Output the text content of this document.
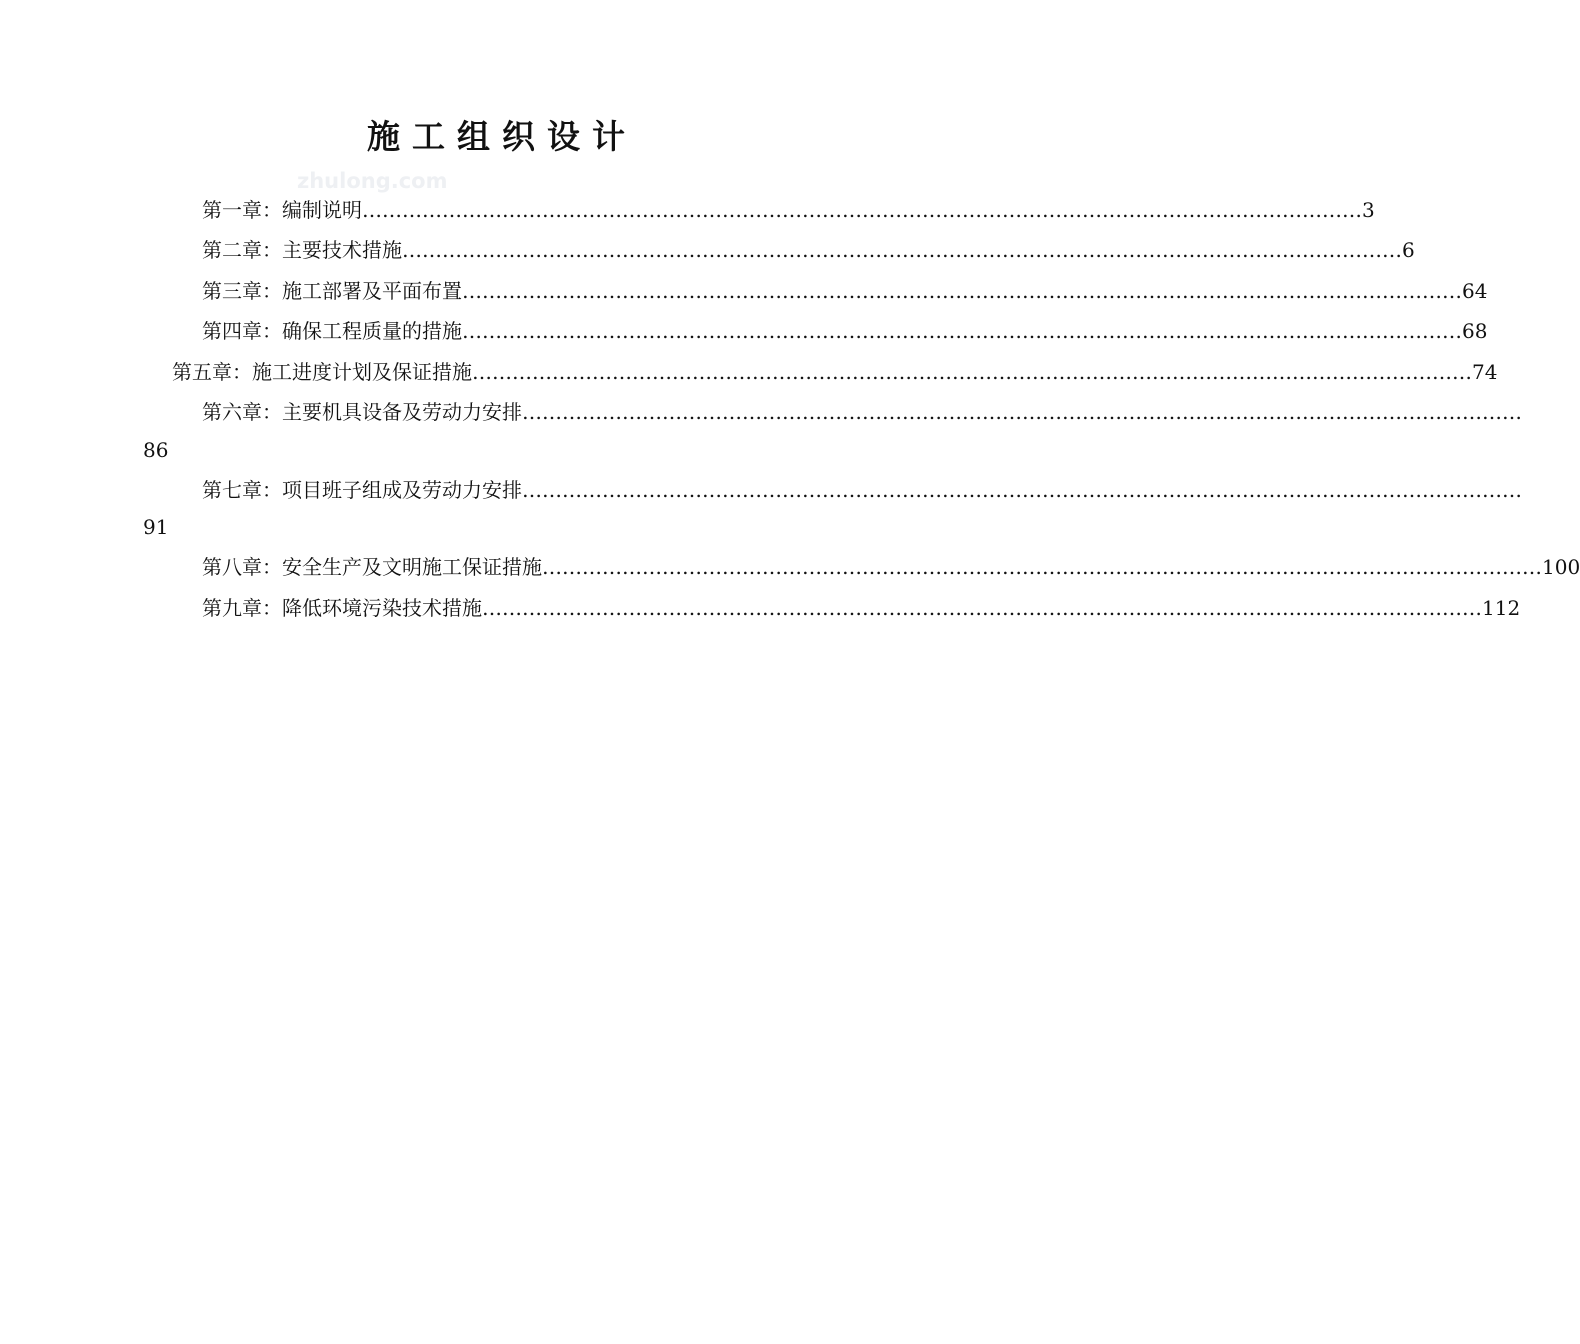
施工组织设计
zhulong.com
第一章：编制说明 …………………………………………………………………………………………………………………………………… 3
第二章：主要技术措施 …………………………………………………………………………………………………………………………………… 6
第三章：施工部署及平面布置 …………………………………………………………………………………………………………………………………… 64
第四章：确保工程质量的措施 …………………………………………………………………………………………………………………………………… 68
第五章：施工进度计划及保证措施 …………………………………………………………………………………………………………………………………… 74
第六章：主要机具设备及劳动力安排 ……………………………………………………………………………………………………………………………………
86
第七章：项目班子组成及劳动力安排 ……………………………………………………………………………………………………………………………………
91
第八章：安全生产及文明施工保证措施 …………………………………………………………………………………………………………………………………… 100
第九章：降低环境污染技术措施 …………………………………………………………………………………………………………………………………… 112
